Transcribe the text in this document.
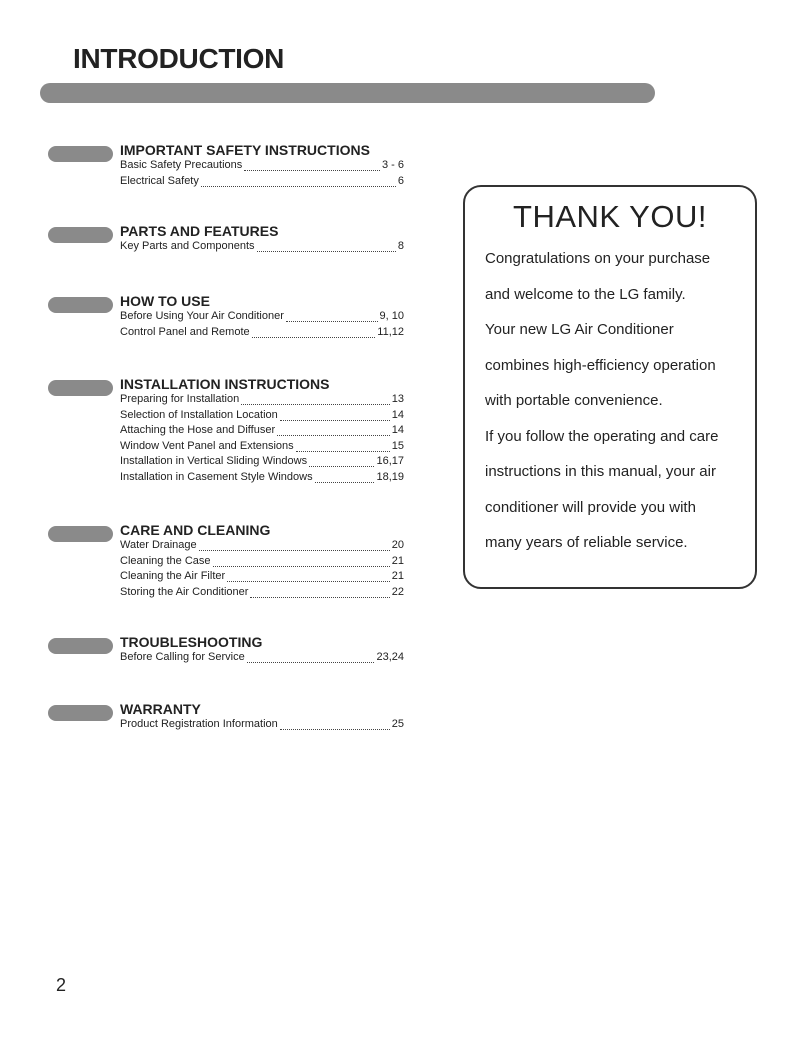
INTRODUCTION
IMPORTANT SAFETY INSTRUCTIONS
Basic Safety Precautions	3 - 6
Electrical Safety	6
PARTS AND FEATURES
Key Parts and Components	8
HOW TO USE
Before Using Your Air Conditioner	9, 10
Control Panel and Remote	11,12
INSTALLATION INSTRUCTIONS
Preparing for Installation	13
Selection of Installation Location	14
Attaching the Hose and Diffuser	14
Window Vent Panel and Extensions	15
Installation in Vertical Sliding Windows	16,17
Installation in Casement Style Windows	18,19
CARE AND CLEANING
Water Drainage	20
Cleaning the Case	21
Cleaning the Air Filter	21
Storing the Air Conditioner	22
TROUBLESHOOTING
Before Calling for Service	23,24
WARRANTY
Product Registration Information	25
THANK YOU!
Congratulations on your purchase
and welcome to the LG family.
Your new LG Air Conditioner
combines high-efficiency operation
with portable convenience.
If you follow the operating and care
instructions in this manual, your air
conditioner will provide you with
many years of reliable service.
2
